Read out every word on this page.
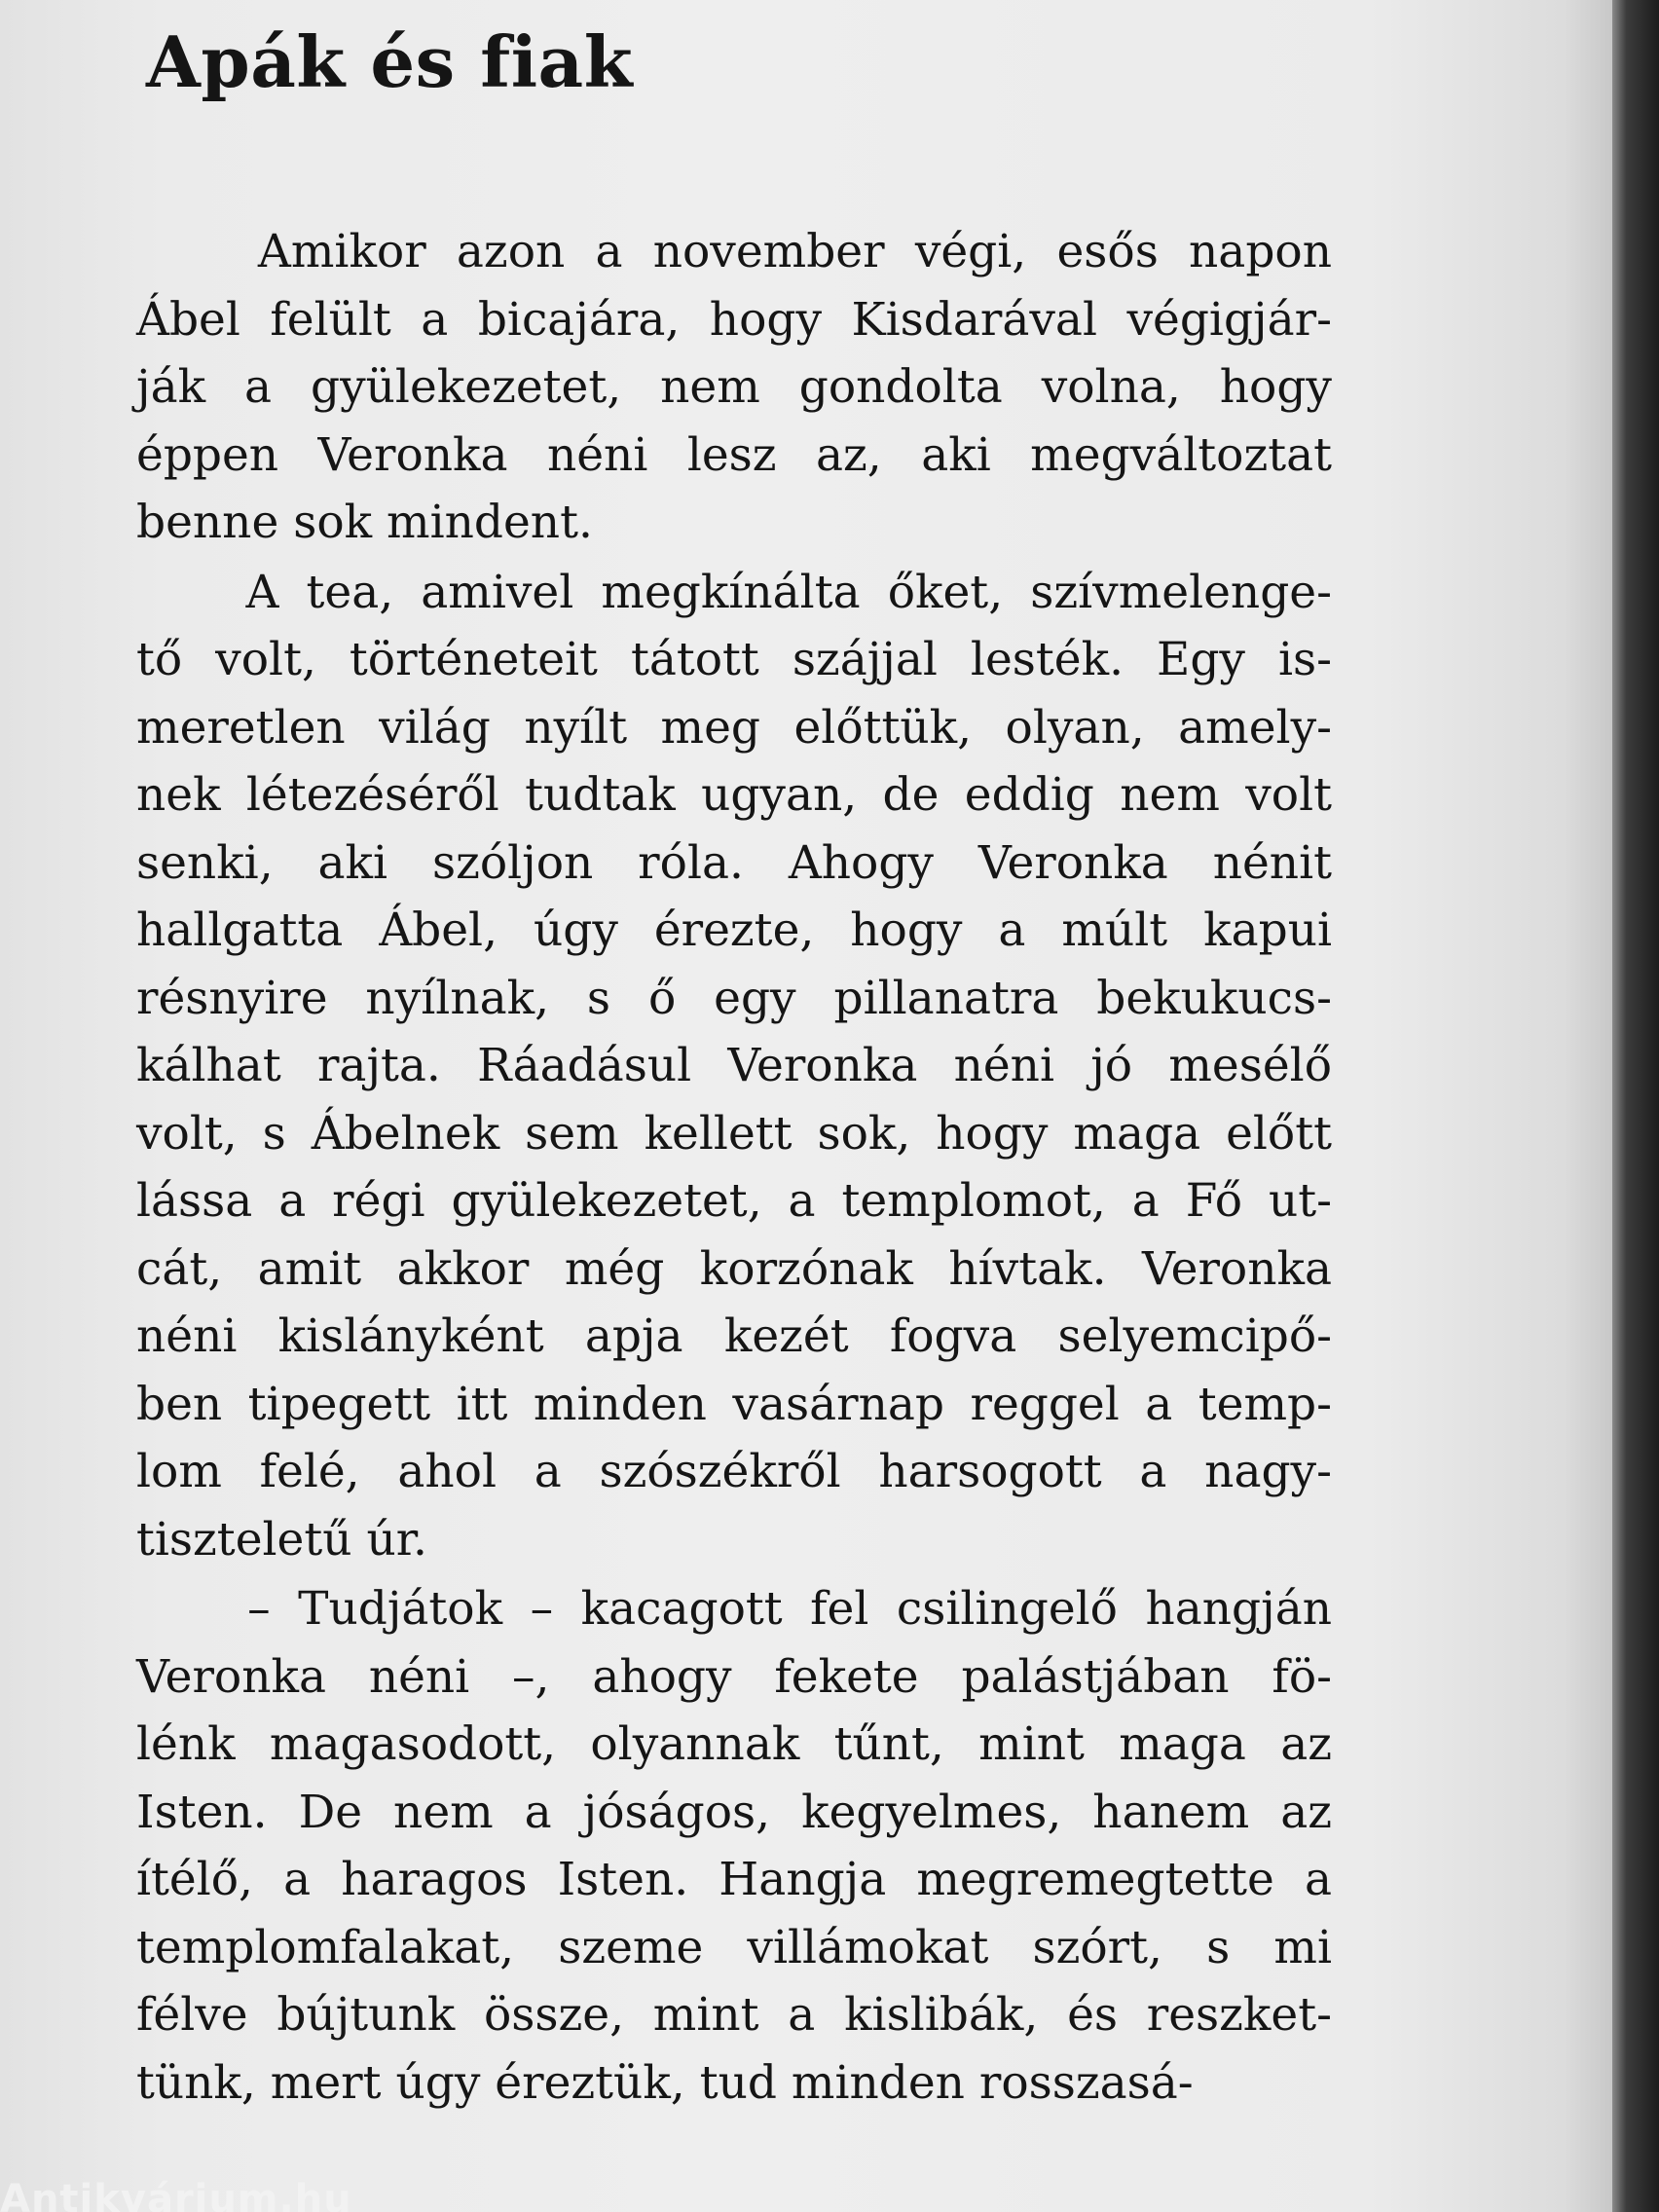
Apák és fiak
Amikor azon a november végi, esős napon
Ábel felült a bicajára, hogy Kisdarával végigjár-
ják a gyülekezetet, nem gondolta volna, hogy
éppen Veronka néni lesz az, aki megváltoztat
benne sok mindent.
A tea, amivel megkínálta őket, szívmelenge-
tő volt, történeteit tátott szájjal lesték. Egy is-
meretlen világ nyílt meg előttük, olyan, amely-
nek létezéséről tudtak ugyan, de eddig nem volt
senki, aki szóljon róla. Ahogy Veronka nénit
hallgatta Ábel, úgy érezte, hogy a múlt kapui
résnyire nyílnak, s ő egy pillanatra bekukucs-
kálhat rajta. Ráadásul Veronka néni jó mesélő
volt, s Ábelnek sem kellett sok, hogy maga előtt
lássa a régi gyülekezetet, a templomot, a Fő ut-
cát, amit akkor még korzónak hívtak. Veronka
néni kislányként apja kezét fogva selyemcipő-
ben tipegett itt minden vasárnap reggel a temp-
lom felé, ahol a szószékről harsogott a nagy-
tiszteletű úr.
– Tudjátok – kacagott fel csilingelő hangján
Veronka néni –, ahogy fekete palástjában fö-
lénk magasodott, olyannak tűnt, mint maga az
Isten. De nem a jóságos, kegyelmes, hanem az
ítélő, a haragos Isten. Hangja megremegtette a
templomfalakat, szeme villámokat szórt, s mi
félve bújtunk össze, mint a kislibák, és reszket-
tünk, mert úgy éreztük, tud minden rosszasá-
Antikvárium.hu
